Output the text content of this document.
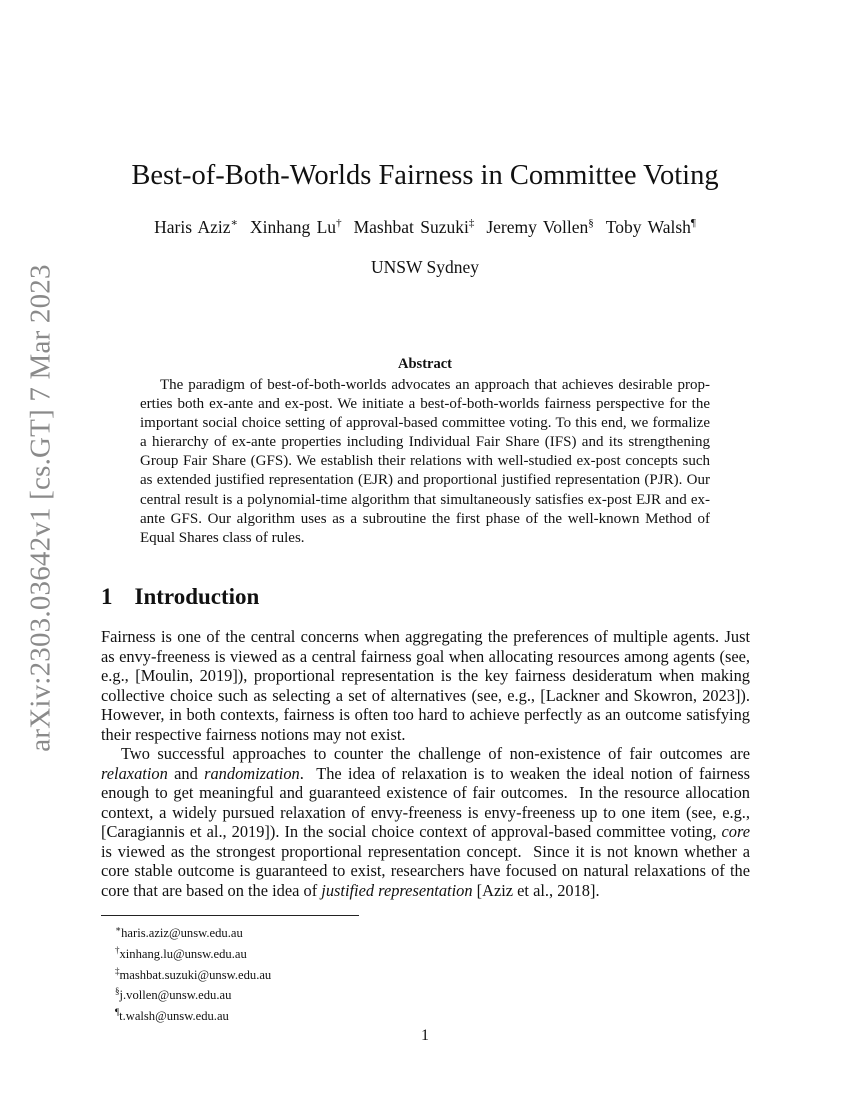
arXiv:2303.03642v1 [cs.GT] 7 Mar 2023
Best-of-Both-Worlds Fairness in Committee Voting
Haris Aziz∗ Xinhang Lu† Mashbat Suzuki‡ Jeremy Vollen§ Toby Walsh¶
UNSW Sydney
Abstract
The paradigm of best-of-both-worlds advocates an approach that achieves desirable prop-
erties both ex-ante and ex-post. We initiate a best-of-both-worlds fairness perspective for the
important social choice setting of approval-based committee voting. To this end, we formalize
a hierarchy of ex-ante properties including Individual Fair Share (IFS) and its strengthening
Group Fair Share (GFS). We establish their relations with well-studied ex-post concepts such
as extended justified representation (EJR) and proportional justified representation (PJR). Our
central result is a polynomial-time algorithm that simultaneously satisfies ex-post EJR and ex-
ante GFS. Our algorithm uses as a subroutine the first phase of the well-known Method of
Equal Shares class of rules.
1 Introduction
Fairness is one of the central concerns when aggregating the preferences of multiple agents. Just
as envy-freeness is viewed as a central fairness goal when allocating resources among agents (see,
e.g., [Moulin, 2019]), proportional representation is the key fairness desideratum when making
collective choice such as selecting a set of alternatives (see, e.g., [Lackner and Skowron, 2023]).
However, in both contexts, fairness is often too hard to achieve perfectly as an outcome satisfying
their respective fairness notions may not exist.
Two successful approaches to counter the challenge of non-existence of fair outcomes are
relaxation and randomization.  The idea of relaxation is to weaken the ideal notion of fairness
enough to get meaningful and guaranteed existence of fair outcomes.  In the resource allocation
context, a widely pursued relaxation of envy-freeness is envy-freeness up to one item (see, e.g.,
[Caragiannis et al., 2019]). In the social choice context of approval-based committee voting, core
is viewed as the strongest proportional representation concept.  Since it is not known whether a
core stable outcome is guaranteed to exist, researchers have focused on natural relaxations of the
core that are based on the idea of justified representation [Aziz et al., 2018].
∗haris.aziz@unsw.edu.au
†xinhang.lu@unsw.edu.au
‡mashbat.suzuki@unsw.edu.au
§j.vollen@unsw.edu.au
¶t.walsh@unsw.edu.au
1
